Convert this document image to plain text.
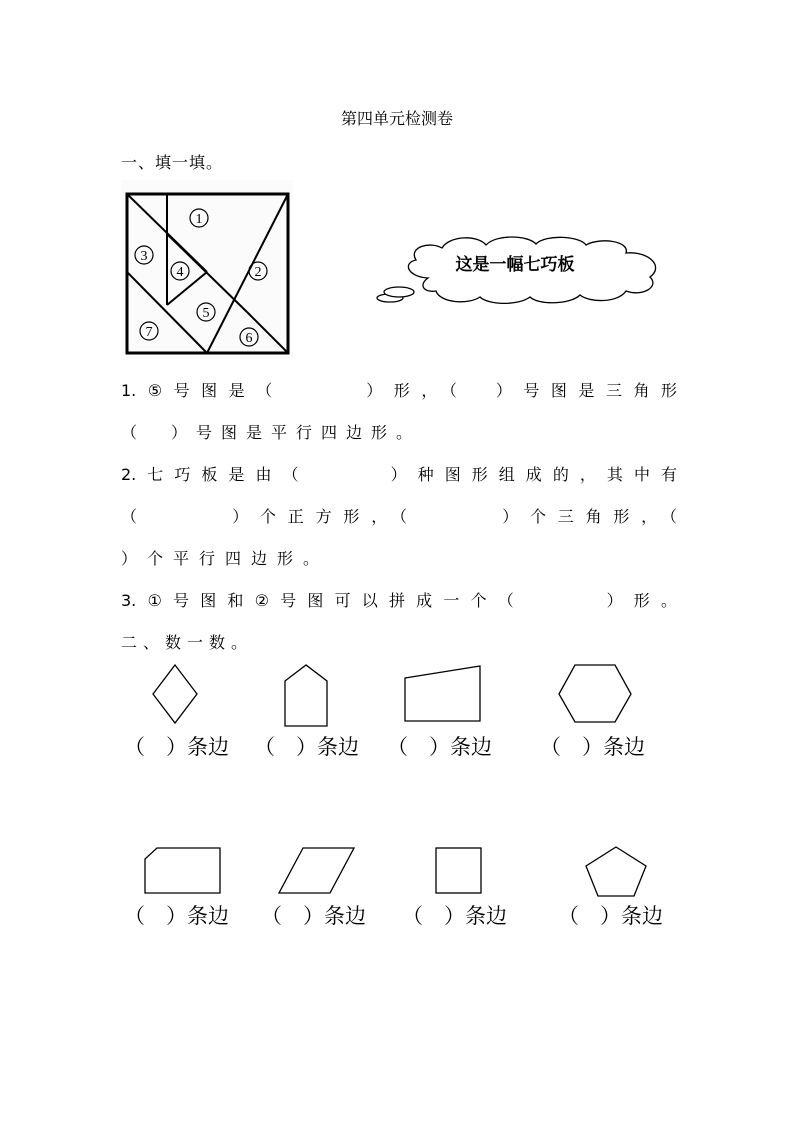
第四单元检测卷
一、填一填。
1
2
3
4
5
6
7
这是一幅七巧板
1.⑤号图是（　　　）形，（　）号图是三角形
（　）号图是平行四边形。
2.七巧板是由（　　　）种图形组成的，其中有
（　　　）个正方形，（　　　）个三角形，（
）个平行四边形。
3.①号图和②号图可以拼成一个（　　　）形。
二、数一数。
（　）条边 （　）条边 （　）条边 （　）条边
（　）条边 （　）条边 （　）条边 （　）条边
